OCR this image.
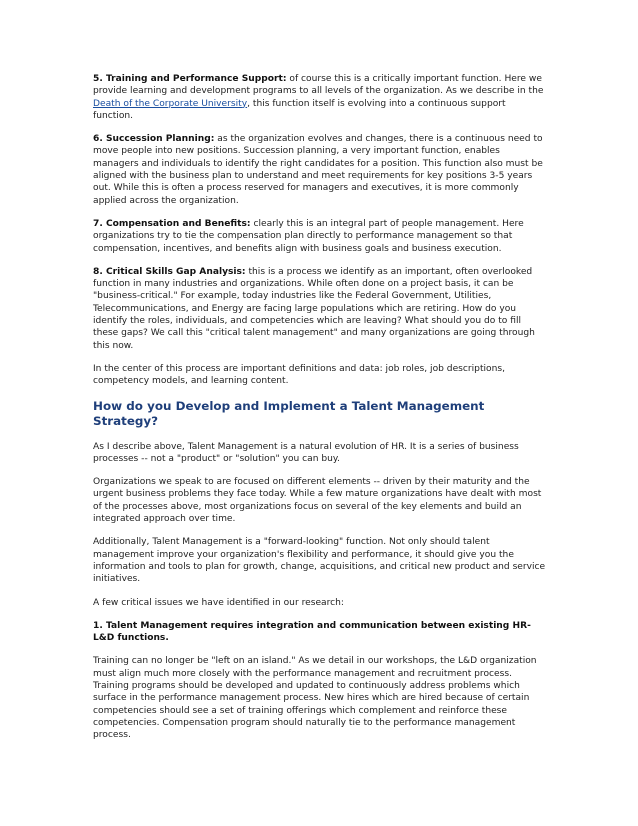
5. Training and Performance Support: of course this is a critically important function. Here we provide learning and development programs to all levels of the organization. As we describe in the Death of the Corporate University, this function itself is evolving into a continuous support function.

6. Succession Planning: as the organization evolves and changes, there is a continuous need to move people into new positions. Succession planning, a very important function, enables managers and individuals to identify the right candidates for a position. This function also must be aligned with the business plan to understand and meet requirements for key positions 3-5 years out. While this is often a process reserved for managers and executives, it is more commonly applied across the organization.

7. Compensation and Benefits: clearly this is an integral part of people management. Here organizations try to tie the compensation plan directly to performance management so that compensation, incentives, and benefits align with business goals and business execution.

8. Critical Skills Gap Analysis: this is a process we identify as an important, often overlooked function in many industries and organizations. While often done on a project basis, it can be "business-critical." For example, today industries like the Federal Government, Utilities, Telecommunications, and Energy are facing large populations which are retiring. How do you identify the roles, individuals, and competencies which are leaving? What should you do to fill these gaps? We call this "critical talent management" and many organizations are going through this now.

In the center of this process are important definitions and data: job roles, job descriptions, competency models, and learning content.

How do you Develop and Implement a Talent Management Strategy?

As I describe above, Talent Management is a natural evolution of HR. It is a series of business processes -- not a "product" or "solution" you can buy.

Organizations we speak to are focused on different elements -- driven by their maturity and the urgent business problems they face today. While a few mature organizations have dealt with most of the processes above, most organizations focus on several of the key elements and build an integrated approach over time.

Additionally, Talent Management is a "forward-looking" function. Not only should talent management improve your organization's flexibility and performance, it should give you the information and tools to plan for growth, change, acquisitions, and critical new product and service initiatives.

A few critical issues we have identified in our research:

1. Talent Management requires integration and communication between existing HR-L&D functions.

Training can no longer be "left on an island." As we detail in our workshops, the L&D organization must align much more closely with the performance management and recruitment process. Training programs should be developed and updated to continuously address problems which surface in the performance management process. New hires which are hired because of certain competencies should see a set of training offerings which complement and reinforce these competencies. Compensation program should naturally tie to the performance management process.
